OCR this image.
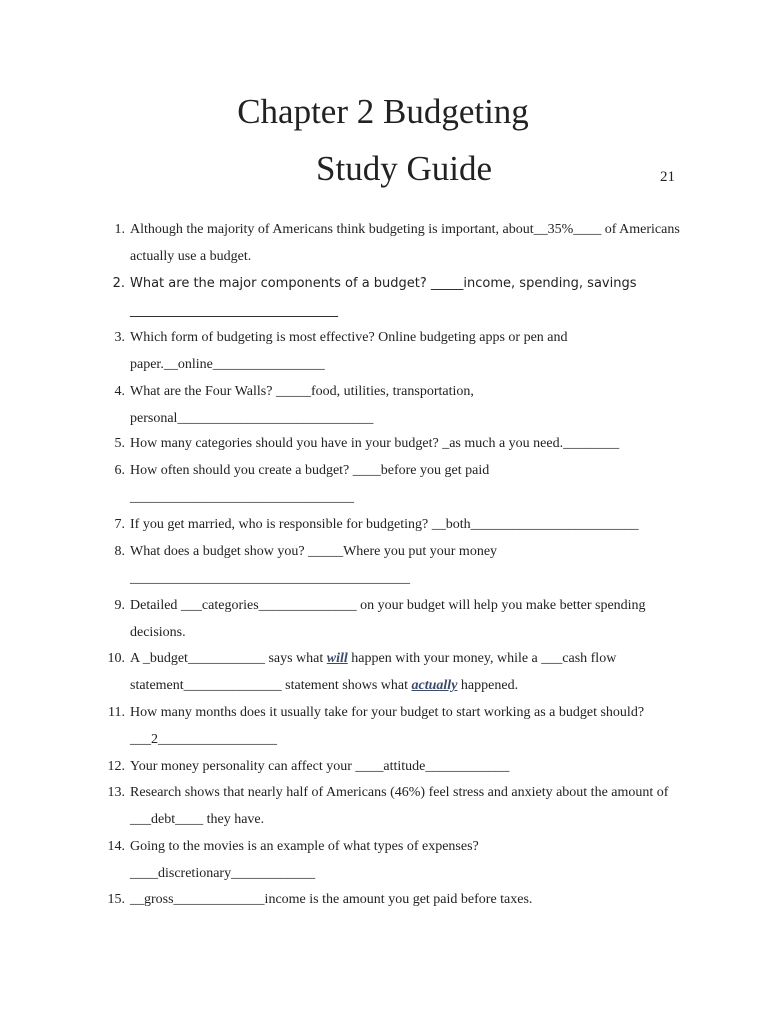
Chapter 2 Budgeting
Study Guide	21
1. Although the majority of Americans think budgeting is important, about__35%____ of Americans actually use a budget.
2. What are the major components of a budget? _____income, spending, savings
________________________________
3. Which form of budgeting is most effective? Online budgeting apps or pen and paper.__online________________
4. What are the Four Walls? _____food, utilities, transportation, personal____________________________
5. How many categories should you have in your budget? _as much a you need.________
6. How often should you create a budget? ____before you get paid
________________________________
7. If you get married, who is responsible for budgeting? __both________________________
8. What does a budget show you? _____Where you put your money
________________________________________
9. Detailed ___categories______________ on your budget will help you make better spending decisions.
10. A _budget___________ says what will happen with your money, while a ___cash flow statement______________ statement shows what actually happened.
11. How many months does it usually take for your budget to start working as a budget should? ___2_________________
12. Your money personality can affect your ____attitude____________
13. Research shows that nearly half of Americans (46%) feel stress and anxiety about the amount of ___debt____ they have.
14. Going to the movies is an example of what types of expenses? ____discretionary____________
15. __gross_____________income is the amount you get paid before taxes.
